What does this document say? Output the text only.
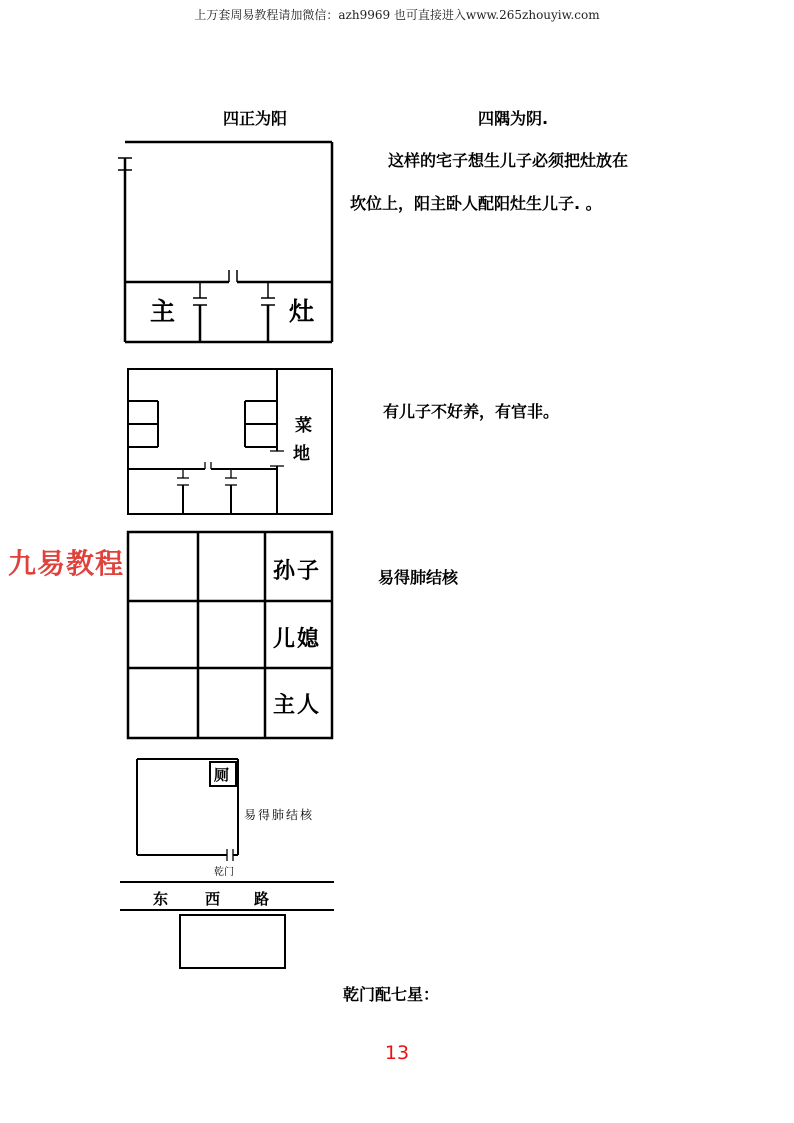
上万套周易教程请加微信：azh9969 也可直接进入www.265zhouyiw.com
四正为阳	四隅为阴.
主	灶
这样的宅子想生儿子必须把灶放在
坎位上，阳主卧人配阳灶生儿子. 。
菜
地
有儿子不好养，有官非。
孙子
儿媳
主人
易得肺结核
九易教程
厕
易得肺结核
乾门
东 西 路
乾门配七星：
13
